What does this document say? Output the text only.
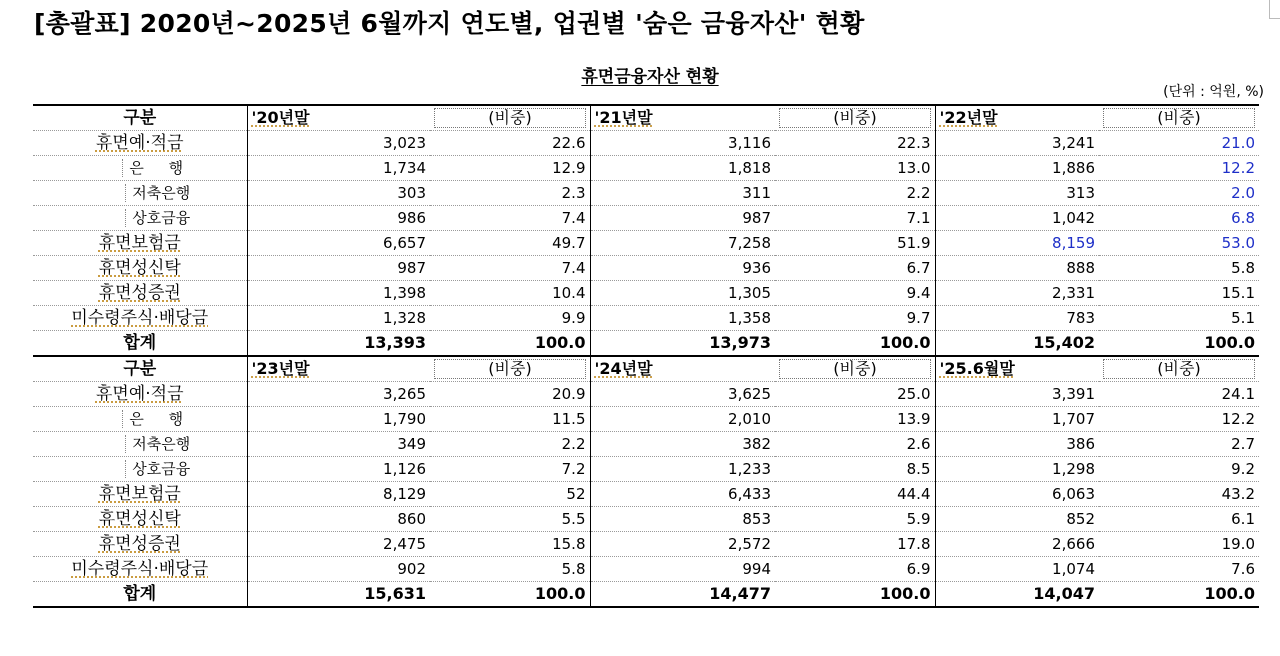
[총괄표] 2020년~2025년 6월까지 연도별, 업권별 '숨은 금융자산' 현황
휴면금융자산 현황
(단위 : 억원, %)
구분	'20년말	(비중)	'21년말	(비중)	'22년말	(비중)
휴면예·적금	3,023	22.6	3,116	22.3	3,241	21.0
은 행	1,734	12.9	1,818	13.0	1,886	12.2
저축은행	303	2.3	311	2.2	313	2.0
상호금융	986	7.4	987	7.1	1,042	6.8
휴면보험금	6,657	49.7	7,258	51.9	8,159	53.0
휴면성신탁	987	7.4	936	6.7	888	5.8
휴면성증권	1,398	10.4	1,305	9.4	2,331	15.1
미수령주식·배당금	1,328	9.9	1,358	9.7	783	5.1
합계	13,393	100.0	13,973	100.0	15,402	100.0
구분	'23년말	(비중)	'24년말	(비중)	'25.6월말	(비중)
휴면예·적금	3,265	20.9	3,625	25.0	3,391	24.1
은 행	1,790	11.5	2,010	13.9	1,707	12.2
저축은행	349	2.2	382	2.6	386	2.7
상호금융	1,126	7.2	1,233	8.5	1,298	9.2
휴면보험금	8,129	52	6,433	44.4	6,063	43.2
휴면성신탁	860	5.5	853	5.9	852	6.1
휴면성증권	2,475	15.8	2,572	17.8	2,666	19.0
미수령주식·배당금	902	5.8	994	6.9	1,074	7.6
합계	15,631	100.0	14,477	100.0	14,047	100.0
